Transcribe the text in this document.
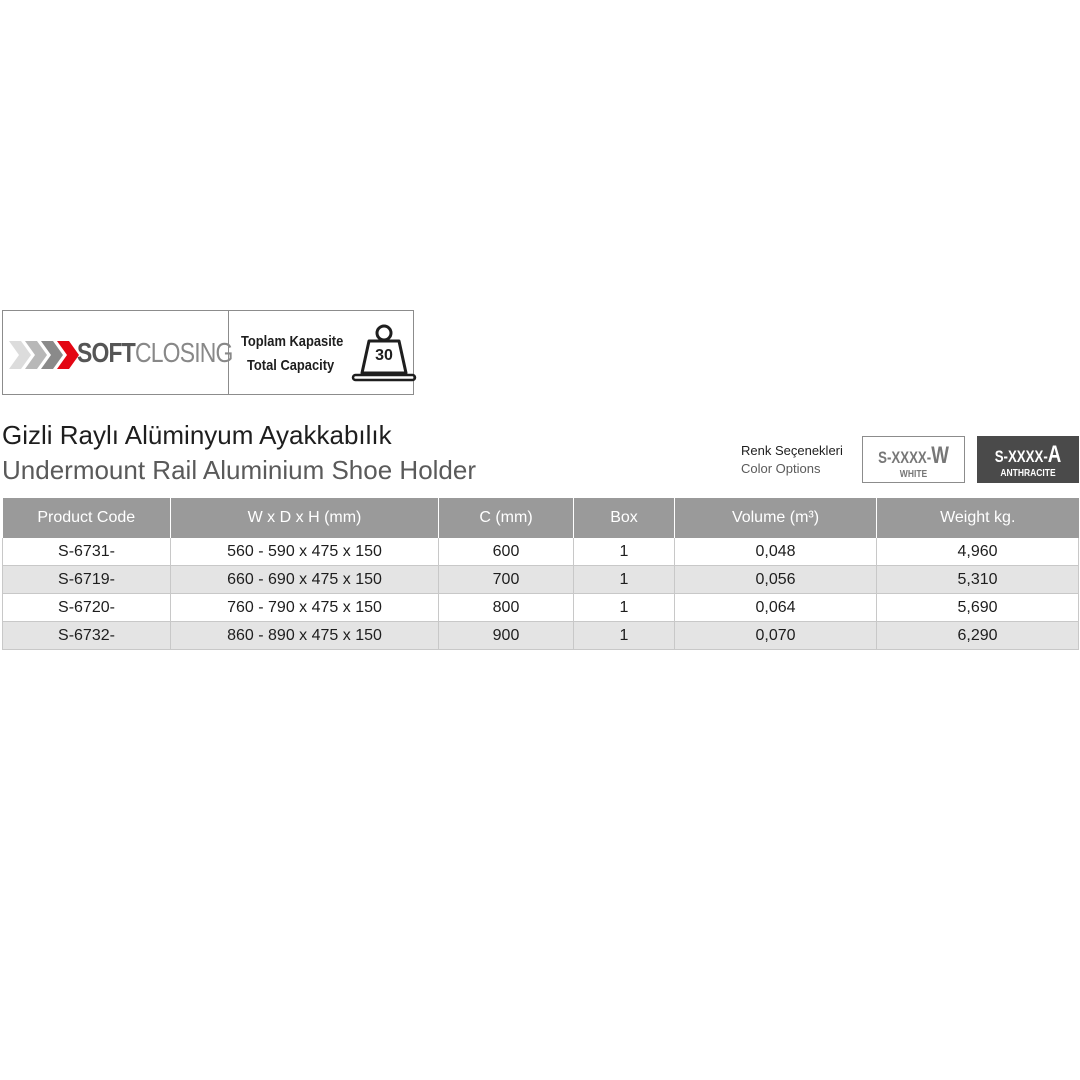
SOFTCLOSING Toplam Kapasite
Total Capacity
30
Gizli Raylı Alüminyum Ayakkabılık
Undermount Rail Aluminium Shoe Holder
Renk Seçenekleri
Color Options
S-XXXX-W
WHITE
S-XXXX-A
ANTHRACITE
Product Code	W x D x H (mm)	C (mm)	Box	Volume (m³)	Weight kg.
S-6731-	560 - 590 x 475 x 150	600	1	0,048	4,960
S-6719-	660 - 690 x 475 x 150	700	1	0,056	5,310
S-6720-	760 - 790 x 475 x 150	800	1	0,064	5,690
S-6732-	860 - 890 x 475 x 150	900	1	0,070	6,290
